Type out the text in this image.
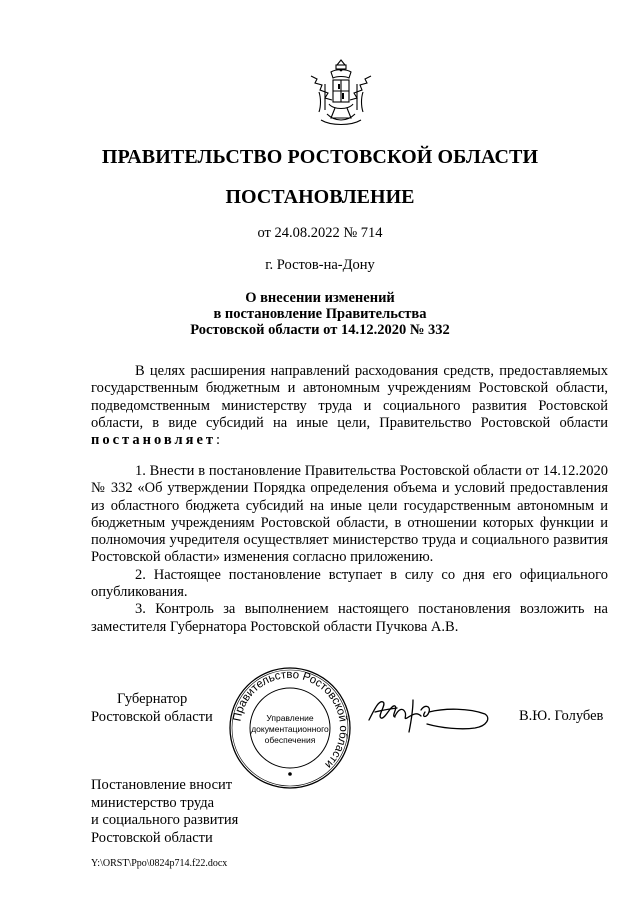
ПРАВИТЕЛЬСТВО РОСТОВСКОЙ ОБЛАСТИ
ПОСТАНОВЛЕНИЕ
от 24.08.2022 № 714
г. Ростов-на-Дону
О внесении изменений
в постановление Правительства
Ростовской области от 14.12.2020 № 332
В целях расширения направлений расходования средств, предоставляемых государственным бюджетным и автономным учреждениям Ростовской области, подведомственным министерству труда и социального развития Ростовской области, в виде субсидий на иные цели, Правительство Ростовской области постановляет:

1. Внести в постановление Правительства Ростовской области от 14.12.2020 № 332 «Об утверждении Порядка определения объема и условий предоставления из областного бюджета субсидий на иные цели государственным автономным и бюджетным учреждениям Ростовской области, в отношении которых функции и полномочия учредителя осуществляет министерство труда и социального развития Ростовской области» изменения согласно приложению.

2. Настоящее постановление вступает в силу со дня его официального опубликования.

3. Контроль за выполнением настоящего постановления возложить на заместителя Губернатора Ростовской области Пучкова А.В.

Губернатор
Ростовской области Правительство Ростовской области
Управление
документационного
обеспечения
В.Ю. Голубев
Постановление вносит
министерство труда
и социального развития
Ростовской области
Y:\ORST\Ppo\0824p714.f22.docx
